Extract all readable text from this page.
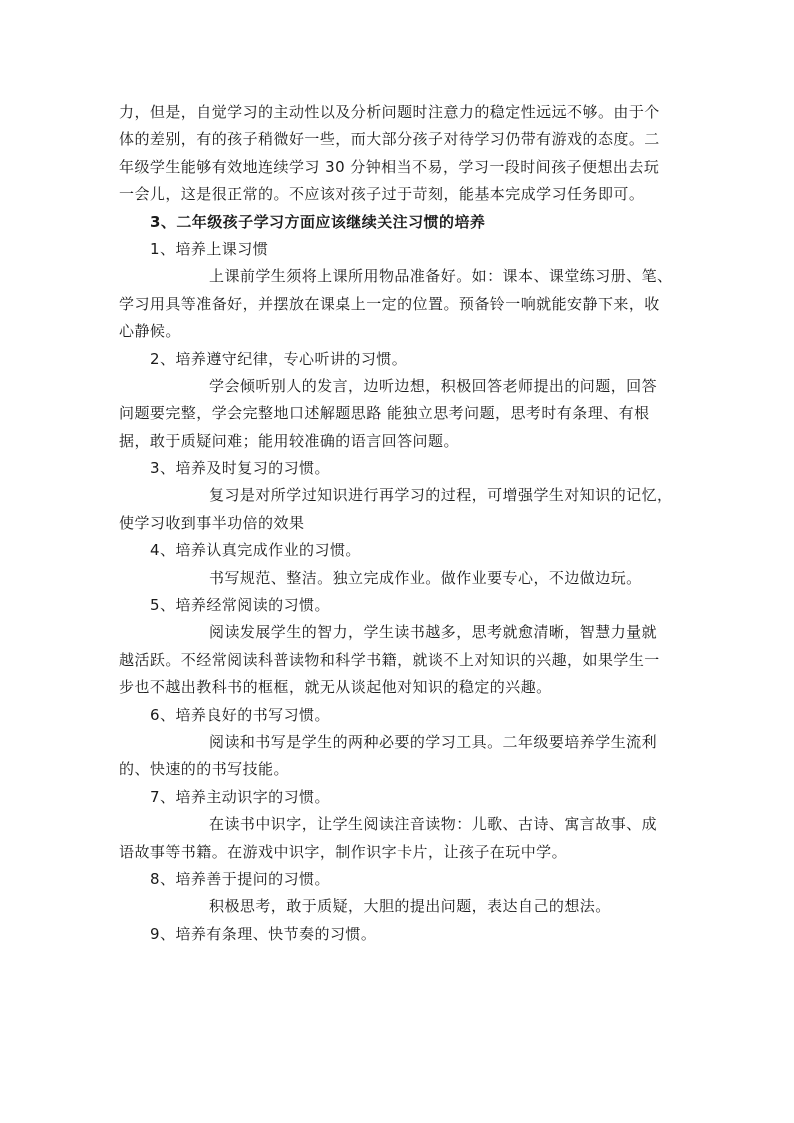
力，但是，自觉学习的主动性以及分析问题时注意力的稳定性远远不够。由于个
体的差别，有的孩子稍微好一些，而大部分孩子对待学习仍带有游戏的态度。二
年级学生能够有效地连续学习 30 分钟相当不易，学习一段时间孩子便想出去玩
一会儿，这是很正常的。不应该对孩子过于苛刻，能基本完成学习任务即可。
3、二年级孩子学习方面应该继续关注习惯的培养
1、培养上课习惯
上课前学生须将上课所用物品准备好。如：课本、课堂练习册、笔、
学习用具等准备好，并摆放在课桌上一定的位置。预备铃一响就能安静下来，收
心静候。
2、培养遵守纪律，专心听讲的习惯。
学会倾听别人的发言，边听边想，积极回答老师提出的问题，回答
问题要完整，学会完整地口述解题思路 能独立思考问题，思考时有条理、有根
据，敢于质疑问难；能用较准确的语言回答问题。
3、培养及时复习的习惯。
复习是对所学过知识进行再学习的过程，可增强学生对知识的记忆，
使学习收到事半功倍的效果
4、培养认真完成作业的习惯。
书写规范、整洁。独立完成作业。做作业要专心，不边做边玩。
5、培养经常阅读的习惯。
阅读发展学生的智力，学生读书越多，思考就愈清晰，智慧力量就
越活跃。不经常阅读科普读物和科学书籍，就谈不上对知识的兴趣，如果学生一
步也不越出教科书的框框，就无从谈起他对知识的稳定的兴趣。
6、培养良好的书写习惯。
阅读和书写是学生的两种必要的学习工具。二年级要培养学生流利
的、快速的的书写技能。
7、培养主动识字的习惯。
在读书中识字，让学生阅读注音读物：儿歌、古诗、寓言故事、成
语故事等书籍。在游戏中识字，制作识字卡片，让孩子在玩中学。
8、培养善于提问的习惯。
积极思考，敢于质疑，大胆的提出问题，表达自己的想法。
9、培养有条理、快节奏的习惯。
